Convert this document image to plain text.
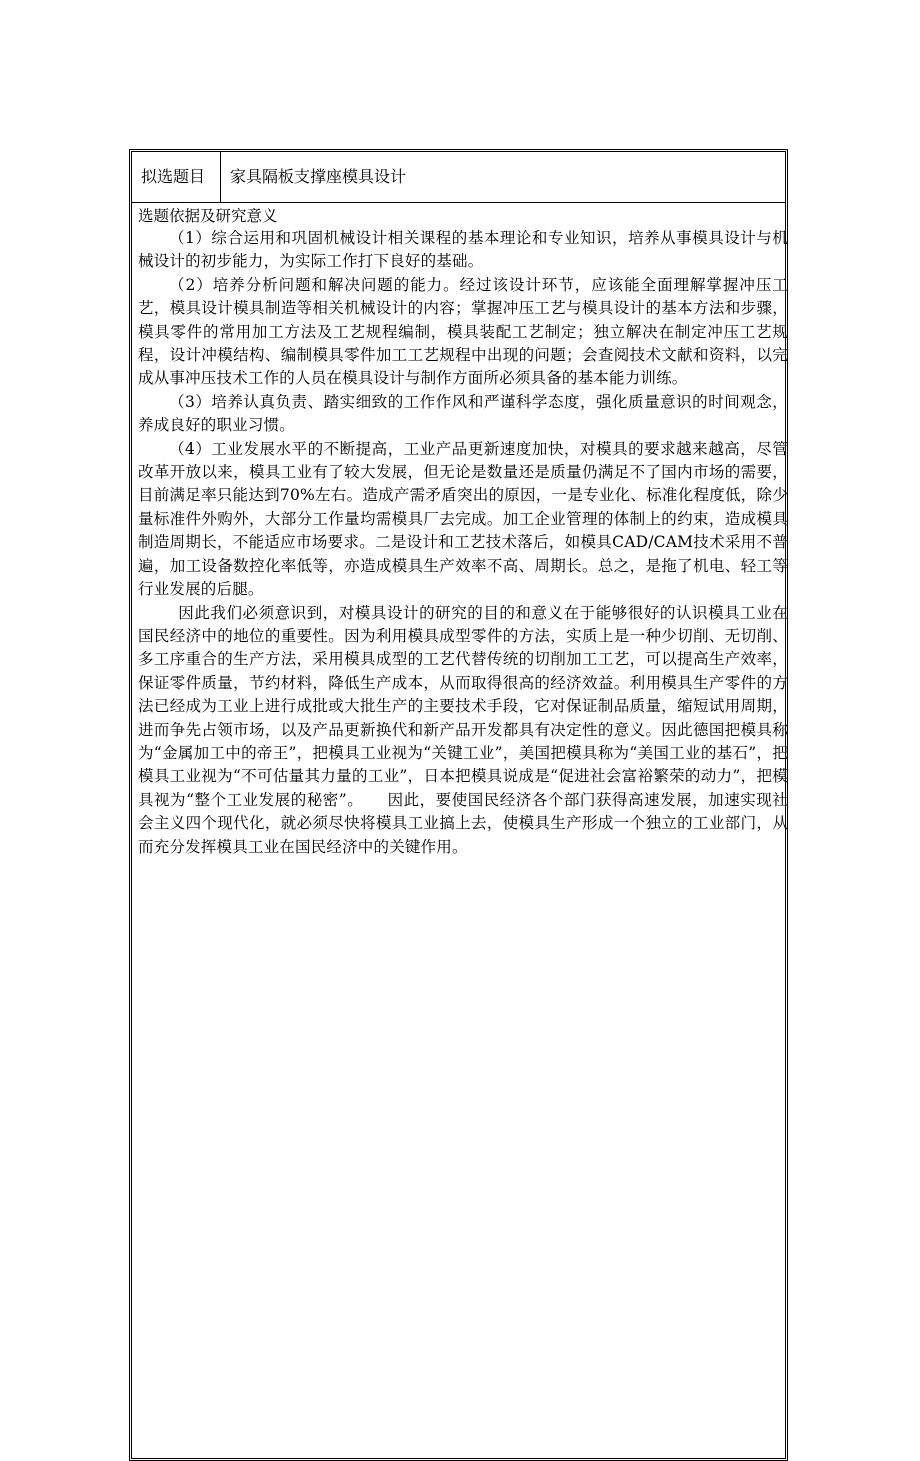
拟选题目	家具隔板支撑座模具设计

选题依据及研究意义

（1）综合运用和巩固机械设计相关课程的基本理论和专业知识，培养从事模具设计与机械设计的初步能力，为实际工作打下良好的基础。

（2）培养分析问题和解决问题的能力。经过该设计环节，应该能全面理解掌握冲压工艺，模具设计模具制造等相关机械设计的内容；掌握冲压工艺与模具设计的基本方法和步骤，模具零件的常用加工方法及工艺规程编制，模具装配工艺制定；独立解决在制定冲压工艺规程，设计冲模结构、编制模具零件加工工艺规程中出现的问题；会查阅技术文献和资料，以完成从事冲压技术工作的人员在模具设计与制作方面所必须具备的基本能力训练。

（3）培养认真负责、踏实细致的工作作风和严谨科学态度，强化质量意识的时间观念，养成良好的职业习惯。

（4）工业发展水平的不断提高，工业产品更新速度加快，对模具的要求越来越高，尽管改革开放以来，模具工业有了较大发展，但无论是数量还是质量仍满足不了国内市场的需要，目前满足率只能达到70%左右。造成产需矛盾突出的原因，一是专业化、标准化程度低，除少量标准件外购外，大部分工作量均需模具厂去完成。加工企业管理的体制上的约束，造成模具制造周期长，不能适应市场要求。二是设计和工艺技术落后，如模具CAD/CAM技术采用不普遍，加工设备数控化率低等，亦造成模具生产效率不高、周期长。总之，是拖了机电、轻工等行业发展的后腿。

因此我们必须意识到，对模具设计的研究的目的和意义在于能够很好的认识模具工业在国民经济中的地位的重要性。因为利用模具成型零件的方法，实质上是一种少切削、无切削、多工序重合的生产方法，采用模具成型的工艺代替传统的切削加工工艺，可以提高生产效率，保证零件质量，节约材料，降低生产成本，从而取得很高的经济效益。利用模具生产零件的方法已经成为工业上进行成批或大批生产的主要技术手段，它对保证制品质量，缩短试用周期，进而争先占领市场，以及产品更新换代和新产品开发都具有决定性的意义。因此德国把模具称为“金属加工中的帝王”，把模具工业视为“关键工业”，美国把模具称为“美国工业的基石”，把模具工业视为“不可估量其力量的工业”，日本把模具说成是“促进社会富裕繁荣的动力”，把模具视为“整个工业发展的秘密”。　　因此，要使国民经济各个部门获得高速发展，加速实现社会主义四个现代化，就必须尽快将模具工业搞上去，使模具生产形成一个独立的工业部门，从而充分发挥模具工业在国民经济中的关键作用。
